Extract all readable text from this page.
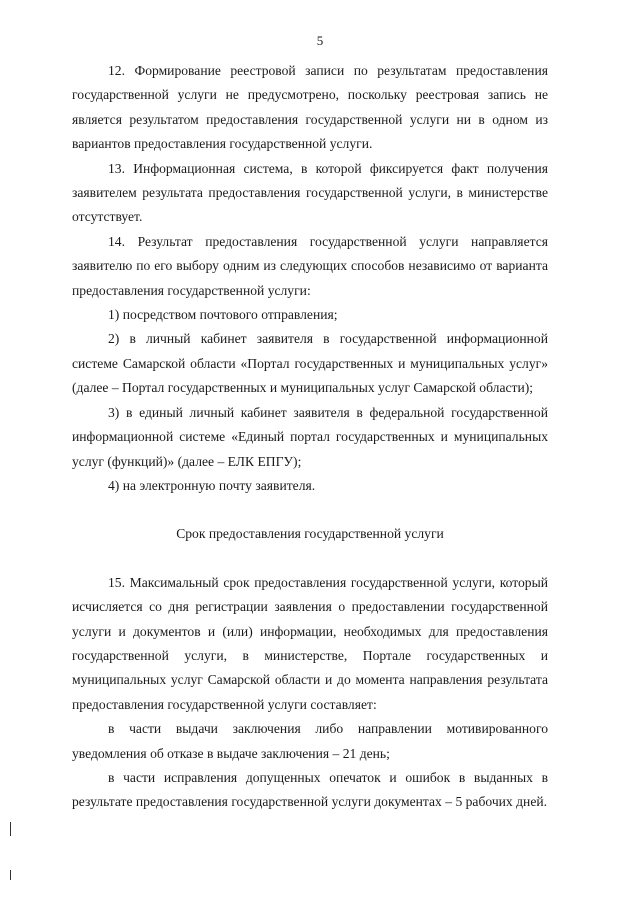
5

12. Формирование реестровой записи по результатам предоставления государственной услуги не предусмотрено, поскольку реестровая запись не является результатом предоставления государственной услуги ни в одном из вариантов предоставления государственной услуги.

13. Информационная система, в которой фиксируется факт получения заявителем результата предоставления государственной услуги, в министерстве отсутствует.

14. Результат предоставления государственной услуги направляется заявителю по его выбору одним из следующих способов независимо от варианта предоставления государственной услуги:

1) посредством почтового отправления;

2) в личный кабинет заявителя в государственной информационной системе Самарской области «Портал государственных и муниципальных услуг» (далее – Портал государственных и муниципальных услуг Самарской области);

3) в единый личный кабинет заявителя в федеральной государственной информационной системе «Единый портал государственных и муниципальных услуг (функций)» (далее – ЕЛК ЕПГУ);

4) на электронную почту заявителя.

Срок предоставления государственной услуги

15. Максимальный срок предоставления государственной услуги, который исчисляется со дня регистрации заявления о предоставлении государственной услуги и документов и (или) информации, необходимых для предоставления государственной услуги, в министерстве, Портале государственных и муниципальных услуг Самарской области и до момента направления результата предоставления государственной услуги составляет:

в части выдачи заключения либо направлении мотивированного уведомления об отказе в выдаче заключения – 21 день;

в части исправления допущенных опечаток и ошибок в выданных в результате предоставления государственной услуги документах – 5 рабочих дней.
